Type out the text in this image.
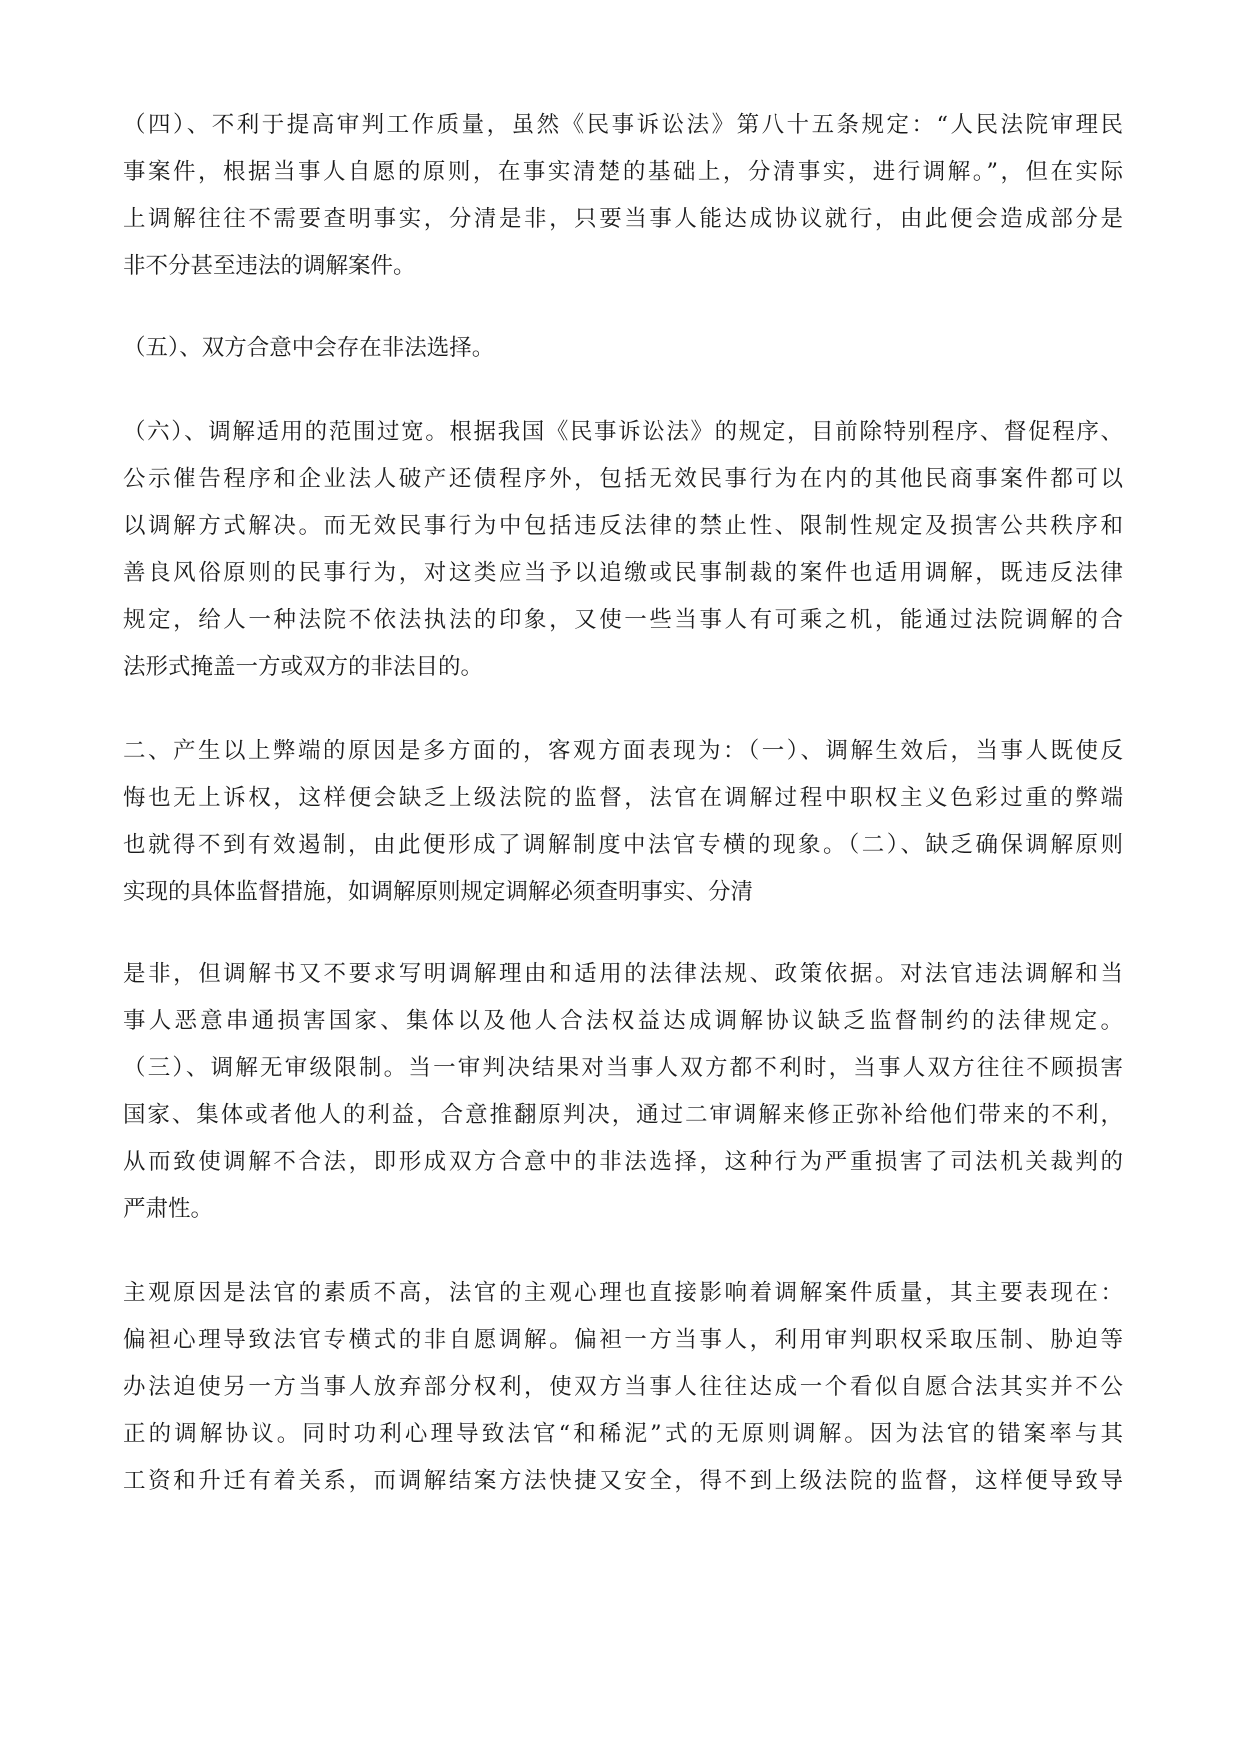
（四）、不利于提高审判工作质量，虽然《民事诉讼法》第八十五条规定：“人民法院审理民
事案件，根据当事人自愿的原则，在事实清楚的基础上，分清事实，进行调解。”，但在实际
上调解往往不需要查明事实，分清是非，只要当事人能达成协议就行，由此便会造成部分是
非不分甚至违法的调解案件。
（五）、双方合意中会存在非法选择。
（六）、调解适用的范围过宽。根据我国《民事诉讼法》的规定，目前除特别程序、督促程序、
公示催告程序和企业法人破产还债程序外，包括无效民事行为在内的其他民商事案件都可以
以调解方式解决。而无效民事行为中包括违反法律的禁止性、限制性规定及损害公共秩序和
善良风俗原则的民事行为，对这类应当予以追缴或民事制裁的案件也适用调解，既违反法律
规定，给人一种法院不依法执法的印象，又使一些当事人有可乘之机，能通过法院调解的合
法形式掩盖一方或双方的非法目的。
二、产生以上弊端的原因是多方面的，客观方面表现为：（一）、调解生效后，当事人既使反
悔也无上诉权，这样便会缺乏上级法院的监督，法官在调解过程中职权主义色彩过重的弊端
也就得不到有效遏制，由此便形成了调解制度中法官专横的现象。（二）、缺乏确保调解原则
实现的具体监督措施，如调解原则规定调解必须查明事实、分清
是非，但调解书又不要求写明调解理由和适用的法律法规、政策依据。对法官违法调解和当
事人恶意串通损害国家、集体以及他人合法权益达成调解协议缺乏监督制约的法律规定。
（三）、调解无审级限制。当一审判决结果对当事人双方都不利时，当事人双方往往不顾损害
国家、集体或者他人的利益，合意推翻原判决，通过二审调解来修正弥补给他们带来的不利，
从而致使调解不合法，即形成双方合意中的非法选择，这种行为严重损害了司法机关裁判的
严肃性。
主观原因是法官的素质不高，法官的主观心理也直接影响着调解案件质量，其主要表现在：
偏袒心理导致法官专横式的非自愿调解。偏袒一方当事人，利用审判职权采取压制、胁迫等
办法迫使另一方当事人放弃部分权利，使双方当事人往往达成一个看似自愿合法其实并不公
正的调解协议。同时功利心理导致法官“和稀泥”式的无原则调解。因为法官的错案率与其
工资和升迁有着关系，而调解结案方法快捷又安全，得不到上级法院的监督，这样便导致导
